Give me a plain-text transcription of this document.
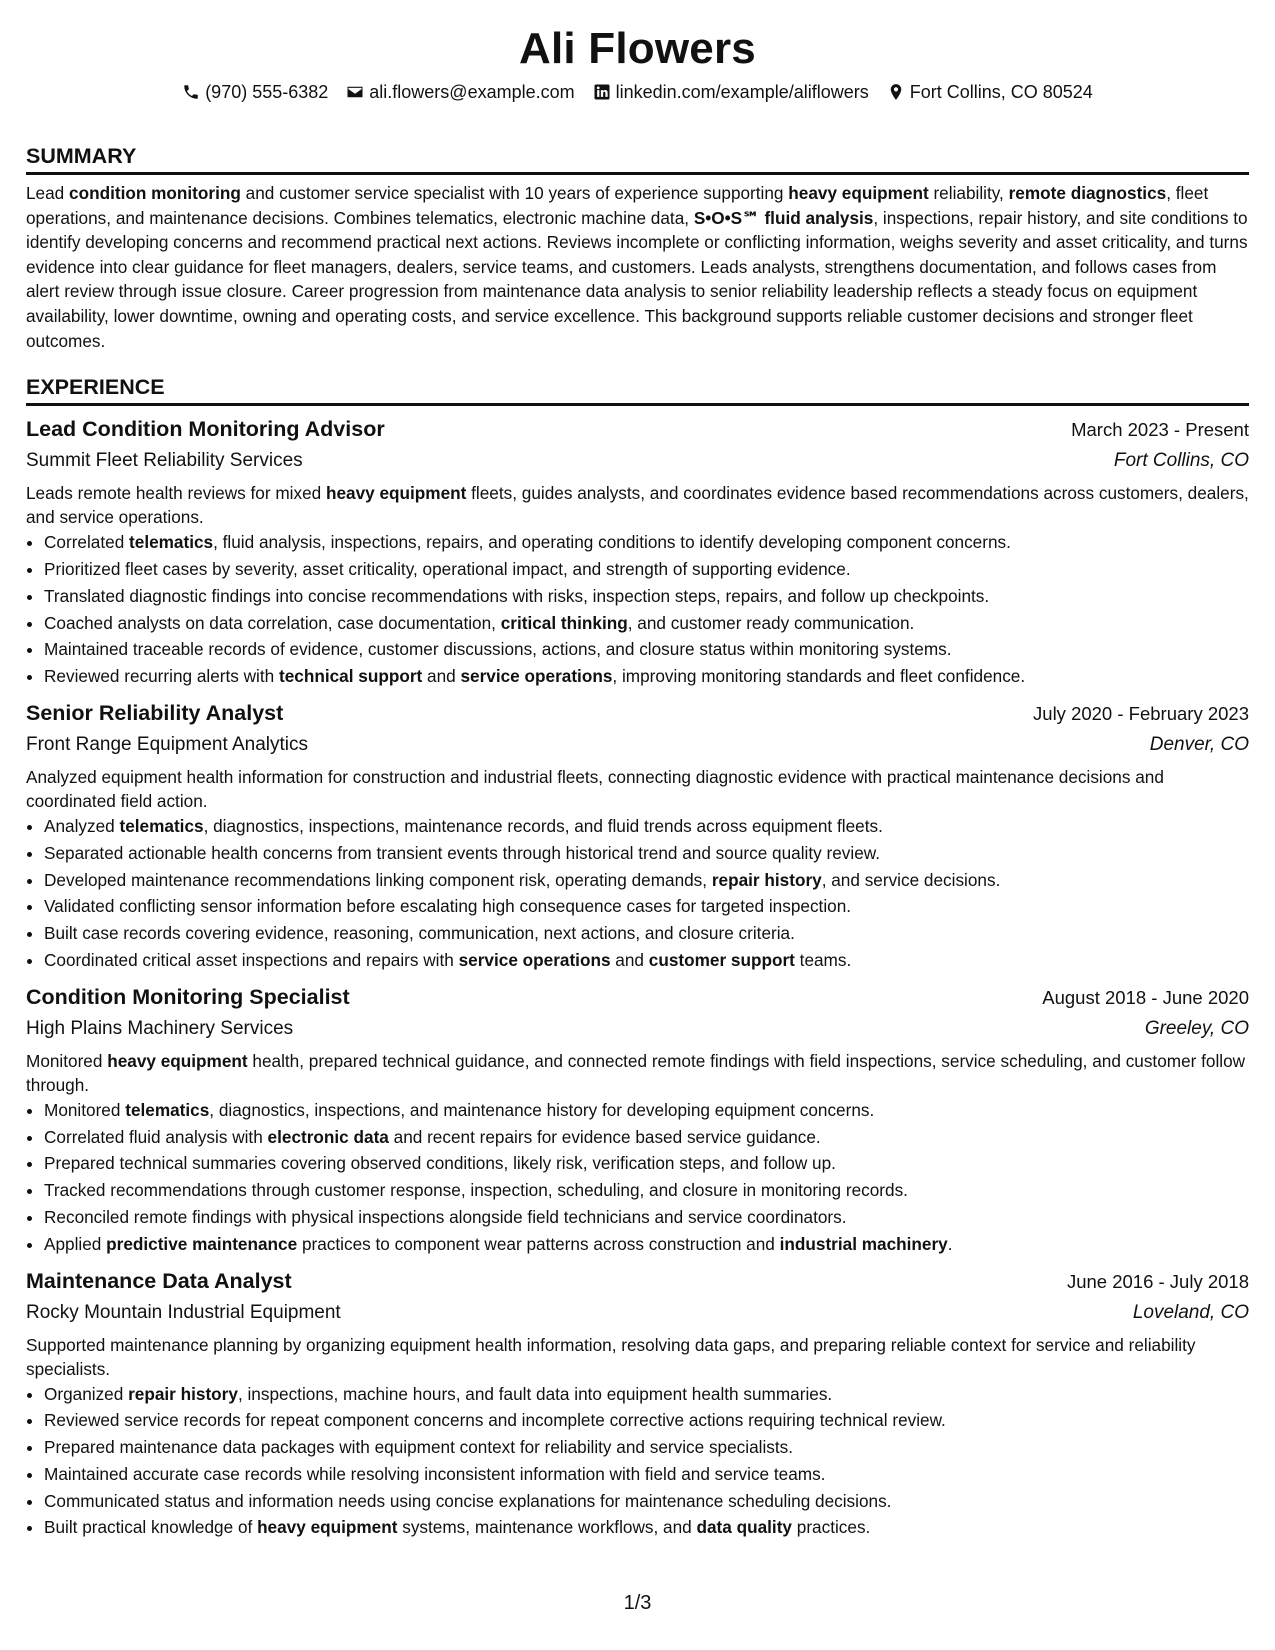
Ali Flowers
(970) 555-6382 ali.flowers@example.com linkedin.com/example/aliflowers Fort Collins, CO 80524
SUMMARY
Lead condition monitoring and customer service specialist with 10 years of experience supporting heavy equipment reliability, remote diagnostics, fleet operations, and maintenance decisions. Combines telematics, electronic machine data, S•O•S℠ fluid analysis, inspections, repair history, and site conditions to identify developing concerns and recommend practical next actions. Reviews incomplete or conflicting information, weighs severity and asset criticality, and turns evidence into clear guidance for fleet managers, dealers, service teams, and customers. Leads analysts, strengthens documentation, and follows cases from alert review through issue closure. Career progression from maintenance data analysis to senior reliability leadership reflects a steady focus on equipment availability, lower downtime, owning and operating costs, and service excellence. This background supports reliable customer decisions and stronger fleet outcomes.
EXPERIENCE
Lead Condition Monitoring Advisor	March 2023 - Present
Summit Fleet Reliability Services	Fort Collins, CO
Leads remote health reviews for mixed heavy equipment fleets, guides analysts, and coordinates evidence based recommendations across customers, dealers, and service operations.
• Correlated telematics, fluid analysis, inspections, repairs, and operating conditions to identify developing component concerns.
• Prioritized fleet cases by severity, asset criticality, operational impact, and strength of supporting evidence.
• Translated diagnostic findings into concise recommendations with risks, inspection steps, repairs, and follow up checkpoints.
• Coached analysts on data correlation, case documentation, critical thinking, and customer ready communication.
• Maintained traceable records of evidence, customer discussions, actions, and closure status within monitoring systems.
• Reviewed recurring alerts with technical support and service operations, improving monitoring standards and fleet confidence.
Senior Reliability Analyst	July 2020 - February 2023
Front Range Equipment Analytics	Denver, CO
Analyzed equipment health information for construction and industrial fleets, connecting diagnostic evidence with practical maintenance decisions and coordinated field action.
• Analyzed telematics, diagnostics, inspections, maintenance records, and fluid trends across equipment fleets.
• Separated actionable health concerns from transient events through historical trend and source quality review.
• Developed maintenance recommendations linking component risk, operating demands, repair history, and service decisions.
• Validated conflicting sensor information before escalating high consequence cases for targeted inspection.
• Built case records covering evidence, reasoning, communication, next actions, and closure criteria.
• Coordinated critical asset inspections and repairs with service operations and customer support teams.
Condition Monitoring Specialist	August 2018 - June 2020
High Plains Machinery Services	Greeley, CO
Monitored heavy equipment health, prepared technical guidance, and connected remote findings with field inspections, service scheduling, and customer follow through.
• Monitored telematics, diagnostics, inspections, and maintenance history for developing equipment concerns.
• Correlated fluid analysis with electronic data and recent repairs for evidence based service guidance.
• Prepared technical summaries covering observed conditions, likely risk, verification steps, and follow up.
• Tracked recommendations through customer response, inspection, scheduling, and closure in monitoring records.
• Reconciled remote findings with physical inspections alongside field technicians and service coordinators.
• Applied predictive maintenance practices to component wear patterns across construction and industrial machinery.
Maintenance Data Analyst	June 2016 - July 2018
Rocky Mountain Industrial Equipment	Loveland, CO
Supported maintenance planning by organizing equipment health information, resolving data gaps, and preparing reliable context for service and reliability specialists.
• Organized repair history, inspections, machine hours, and fault data into equipment health summaries.
• Reviewed service records for repeat component concerns and incomplete corrective actions requiring technical review.
• Prepared maintenance data packages with equipment context for reliability and service specialists.
• Maintained accurate case records while resolving inconsistent information with field and service teams.
• Communicated status and information needs using concise explanations for maintenance scheduling decisions.
• Built practical knowledge of heavy equipment systems, maintenance workflows, and data quality practices.
1/3
